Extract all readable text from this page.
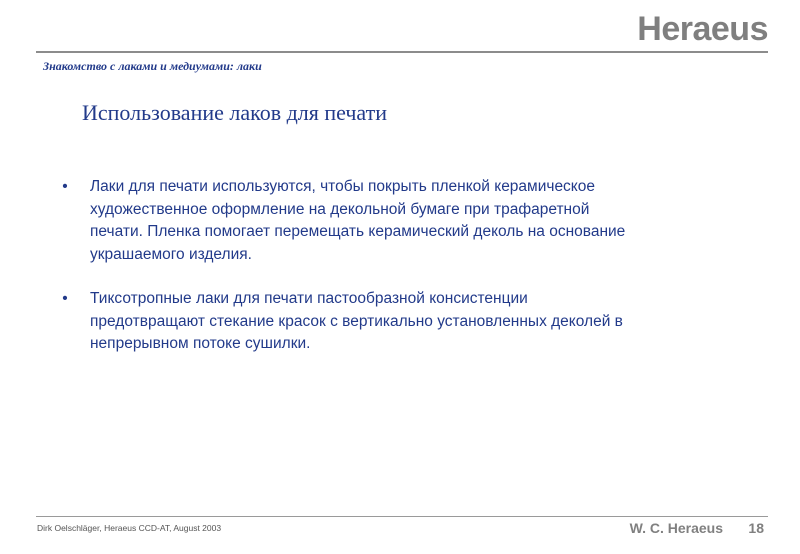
Heraeus
Знакомство с лаками и медиумами: лаки
Использование лаков для печати
• Лаки для печати используются, чтобы покрыть пленкой керамическое художественное оформление на декольной бумаге при трафаретной печати. Пленка помогает перемещать керамический деколь на основание украшаемого изделия.
• Тиксотропные лаки для печати пастообразной консистенции предотвращают стекание красок с вертикально установленных деколей в непрерывном потоке сушилки.
Dirk Oelschläger, Heraeus CCD-AT, August 2003	W. C. Heraeus 18
